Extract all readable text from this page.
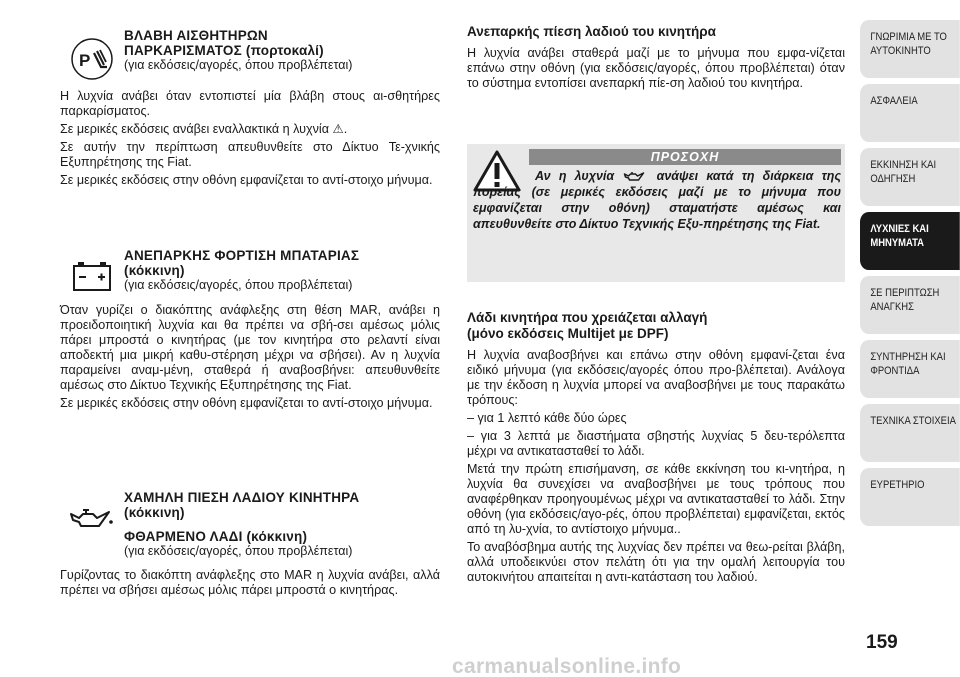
P
ΒΛΑΒΗ ΑΙΣΘΗΤΗΡΩΝ
ΠΑΡΚΑΡΙΣΜΑΤΟΣ (πορτοκαλί)
(για εκδόσεις/αγορές, όπου προβλέπεται)

Η λυχνία ανάβει όταν εντοπιστεί μία βλάβη στους αι-σθητήρες παρκαρίσματος.

Σε μερικές εκδόσεις ανάβει εναλλακτικά η λυχνία ⚠.

Σε αυτήν την περίπτωση απευθυνθείτε στο Δίκτυο Τε-χνικής Εξυπηρέτησης της Fiat.

Σε μερικές εκδόσεις στην οθόνη εμφανίζεται το αντί-στοιχο μήνυμα.

ΑΝΕΠΑΡΚΗΣ ΦΟΡΤΙΣΗ ΜΠΑΤΑΡΙΑΣ
(κόκκινη)
(για εκδόσεις/αγορές, όπου προβλέπεται)

Όταν γυρίζει ο διακόπτης ανάφλεξης στη θέση MAR, ανάβει η προειδοποιητική λυχνία και θα πρέπει να σβή-σει αμέσως μόλις πάρει μπροστά ο κινητήρας (με τον κινητήρα στο ρελαντί είναι αποδεκτή μια μικρή καθυ-στέρηση μέχρι να σβήσει). Αν η λυχνία παραμείνει αναμ-μένη, σταθερά ή αναβοσβήνει: απευθυνθείτε αμέσως στο Δίκτυο Τεχνικής Εξυπηρέτησης της Fiat.

Σε μερικές εκδόσεις στην οθόνη εμφανίζεται το αντί-στοιχο μήνυμα.

ΧΑΜΗΛΗ ΠΙΕΣΗ ΛΑΔΙΟΥ ΚΙΝΗΤΗΡΑ
(κόκκινη)
ΦΘΑΡΜΕΝΟ ΛΑΔΙ (κόκκινη)
(για εκδόσεις/αγορές, όπου προβλέπεται)

Γυρίζοντας το διακόπτη ανάφλεξης στο MAR η λυχνία ανάβει, αλλά πρέπει να σβήσει αμέσως μόλις πάρει μπροστά ο κινητήρας.

Ανεπαρκής πίεση λαδιού του κινητήρα

Η λυχνία ανάβει σταθερά μαζί με το μήνυμα που εμφα-νίζεται επάνω στην οθόνη (για εκδόσεις/αγορές, όπου προβλέπεται) όταν το σύστημα εντοπίσει ανεπαρκή πίε-ση λαδιού του κινητήρα.

ΠΡΟΣΟΧΗ
Αν η λυχνία	ανάψει κατά τη διάρκεια της πορείας (σε μερικές εκδόσεις μαζί με το μήνυμα που εμφανίζεται στην οθόνη) σταματήστε αμέσως και απευθυνθείτε στο Δίκτυο Τεχνικής Εξυ-πηρέτησης της Fiat.
Λάδι κινητήρα που χρειάζεται αλλαγή
(μόνο εκδόσεις Multijet με DPF)

Η λυχνία αναβοσβήνει και επάνω στην οθόνη εμφανί-ζεται ένα ειδικό μήνυμα (για εκδόσεις/αγορές όπου προ-βλέπεται). Ανάλογα με την έκδοση η λυχνία μπορεί να αναβοσβήνει με τους παρακάτω τρόπους:

– για 1 λεπτό κάθε δύο ώρες

– για 3 λεπτά με διαστήματα σβηστής λυχνίας 5 δευ-τερόλεπτα μέχρι να αντικατασταθεί το λάδι.

Μετά την πρώτη επισήμανση, σε κάθε εκκίνηση του κι-νητήρα, η λυχνία θα συνεχίσει να αναβοσβήνει με τους τρόπους που αναφέρθηκαν προηγουμένως μέχρι να αντικατασταθεί το λάδι. Στην οθόνη (για εκδόσεις/αγο-ρές, όπου προβλέπεται) εμφανίζεται, εκτός από τη λυ-χνία, το αντίστοιχο μήνυμα..

Το αναβόσβημα αυτής της λυχνίας δεν πρέπει να θεω-ρείται βλάβη, αλλά υποδεικνύει στον πελάτη ότι για την ομαλή λειτουργία του αυτοκινήτου απαιτείται η αντι-κατάσταση του λαδιού.

ΓΝΩΡΙΜΙΑ ΜΕ ΤΟ
ΑΥΤΟΚΙΝΗΤΟ
ΑΣΦΑΛΕΙΑ
ΕΚΚΙΝΗΣΗ ΚΑΙ
ΟΔΗΓΗΣΗ
ΛΥΧΝΙΕΣ ΚΑΙ
ΜΗΝΥΜΑΤΑ
ΣΕ ΠΕΡΙΠΤΩΣΗ
ΑΝΑΓΚΗΣ
ΣΥΝΤΗΡΗΣΗ ΚΑΙ
ΦΡΟΝΤΙΔΑ
ΤΕΧΝΙΚΑ ΣΤΟΙΧΕΙΑ
ΕΥΡΕΤΗΡΙΟ
159
carmanualsonline.info
